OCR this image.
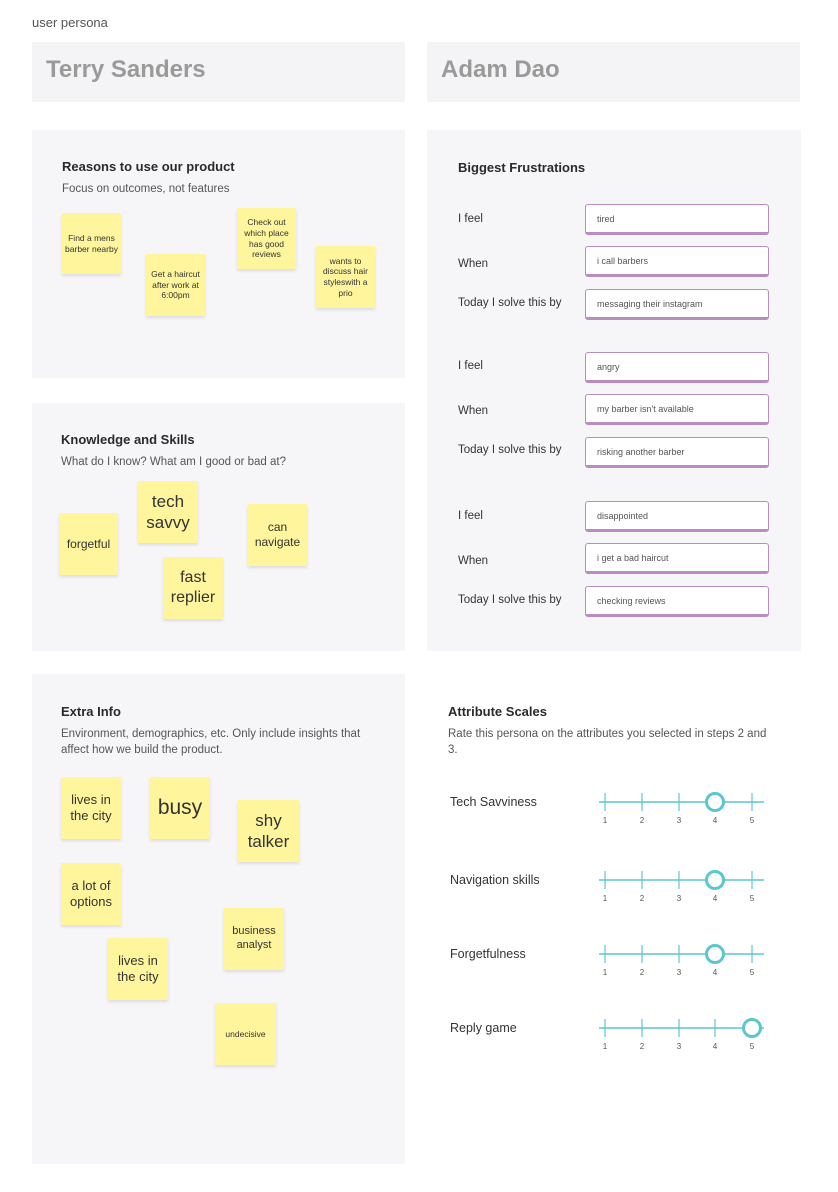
user persona
Terry Sanders	Adam Dao
Reasons to use our product
Focus on outcomes, not features
Find a mens barber nearby
Get a haircut after work at 6:00pm
Check out which place has good reviews
wants to discuss hair styleswith a prio
Knowledge and Skills
What do I know? What am I good or bad at?
forgetful
tech savvy
fast replier
can navigate
Extra Info
Environment, demographics, etc. Only include insights that affect how we build the product.
lives in the city	busy
shy talker
a lot of options
lives in the city
business analyst
undecisive
Biggest Frustrations
I feel	tired
When	i call barbers
Today I solve this by	messaging their instagram
I feel	angry
When	my barber isn't available
Today I solve this by	risking another barber
I feel	disappointed
When	i get a bad haircut
Today I solve this by	checking reviews
Attribute Scales
Rate this persona on the attributes you selected in steps 2 and 3.
Tech Savviness
Navigation skills
Forgetfulness
Reply game
1	2	3	4	5
1	2	3	4	5
1	2	3	4	5
1	2	3	4	5
